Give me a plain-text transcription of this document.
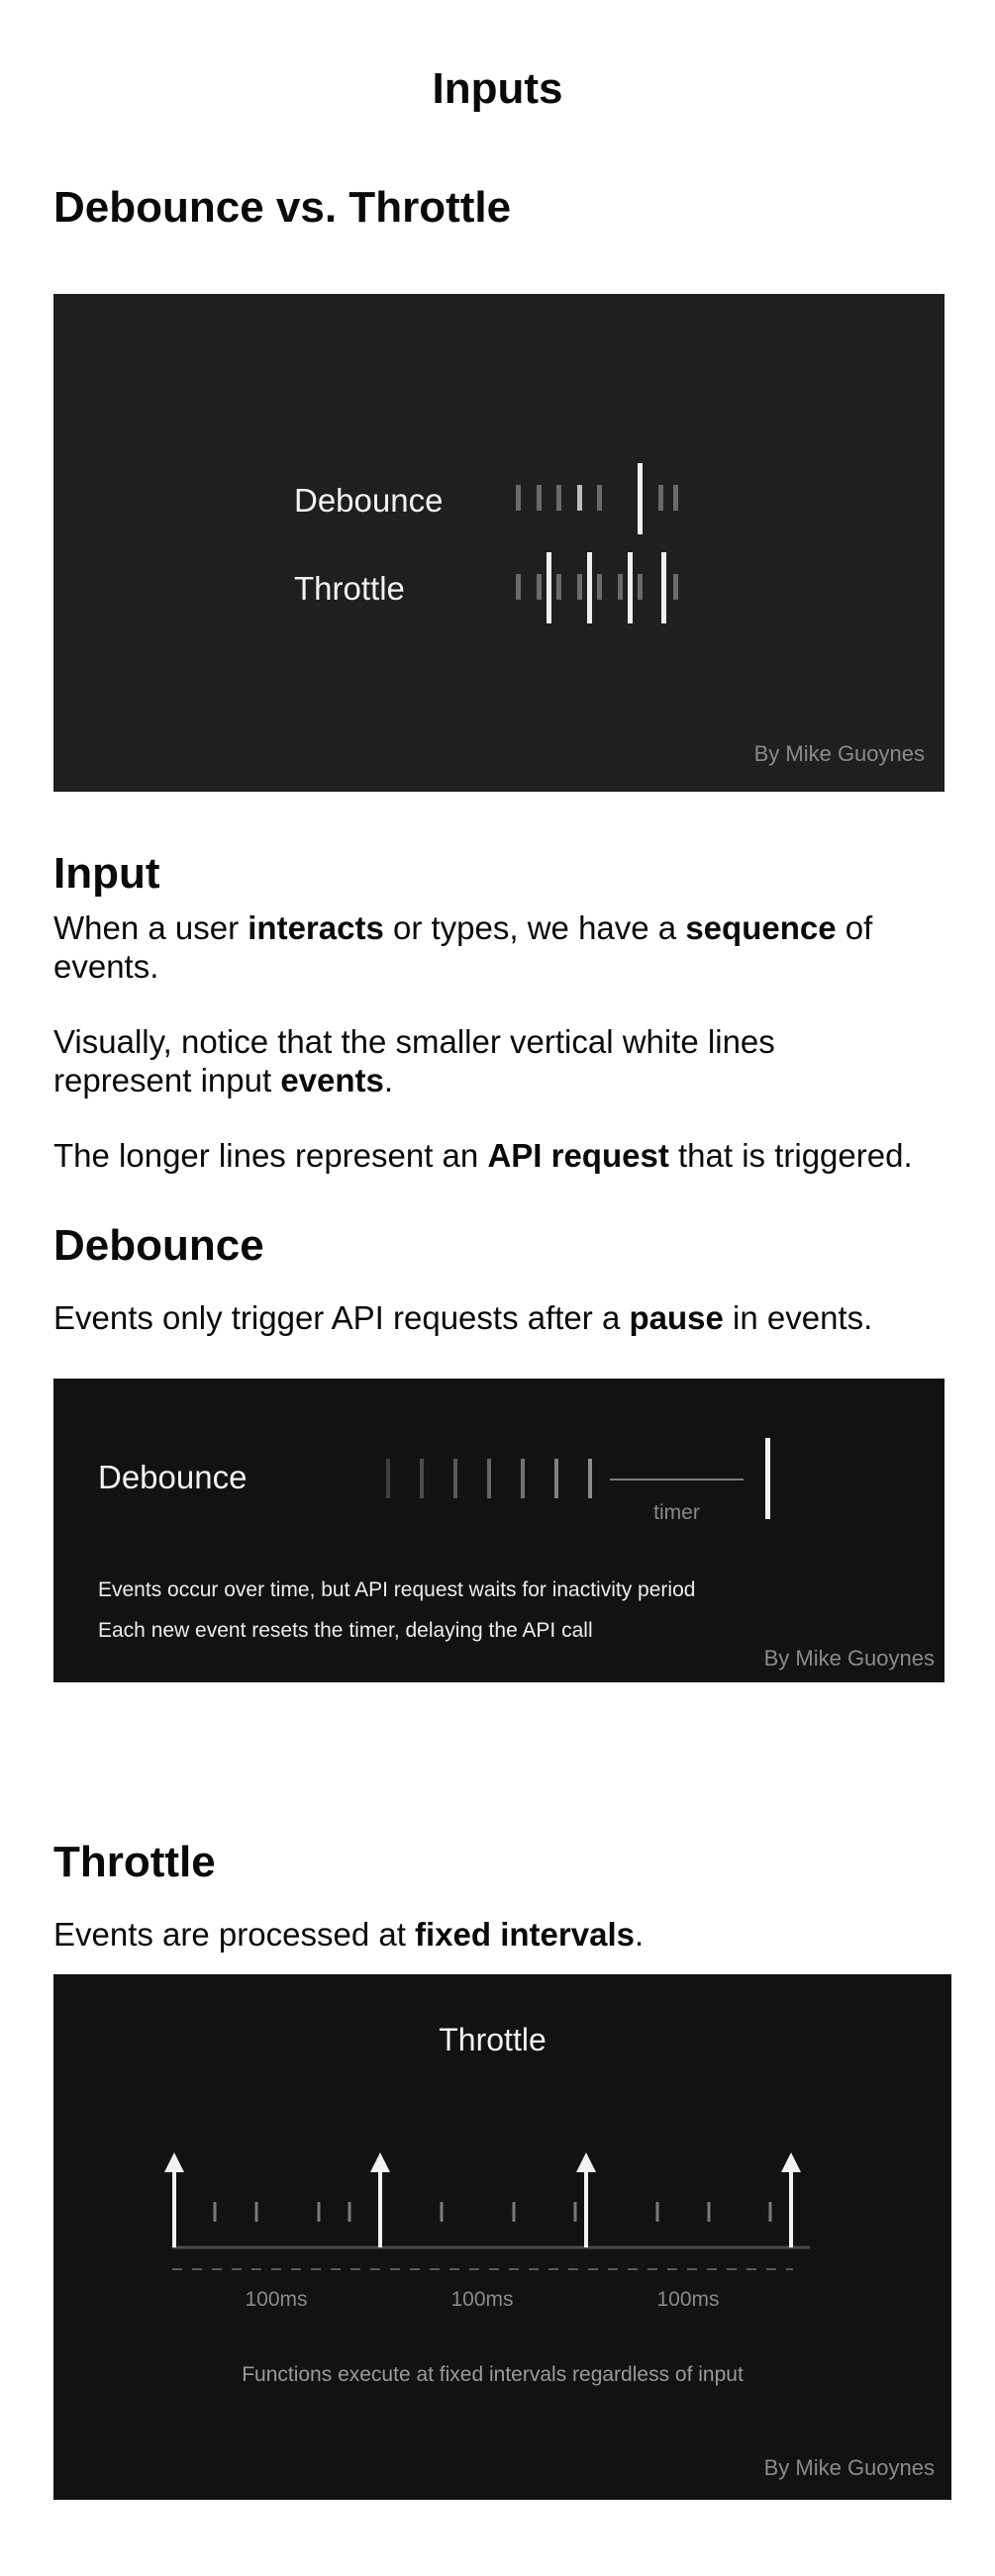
Inputs
Debounce vs. Throttle
Debounce
Throttle
By Mike Guoynes
Input
When a user interacts or types, we have a sequence of events.
Visually, notice that the smaller vertical white lines represent input events.
The longer lines represent an API request that is triggered.
Debounce
Events only trigger API requests after a pause in events.
Debounce
timer
Events occur over time, but API request waits for inactivity period
Each new event resets the timer, delaying the API call
By Mike Guoynes
Throttle
Events are processed at fixed intervals.
Throttle
100ms	100ms	100ms
Functions execute at fixed intervals regardless of input
By Mike Guoynes
